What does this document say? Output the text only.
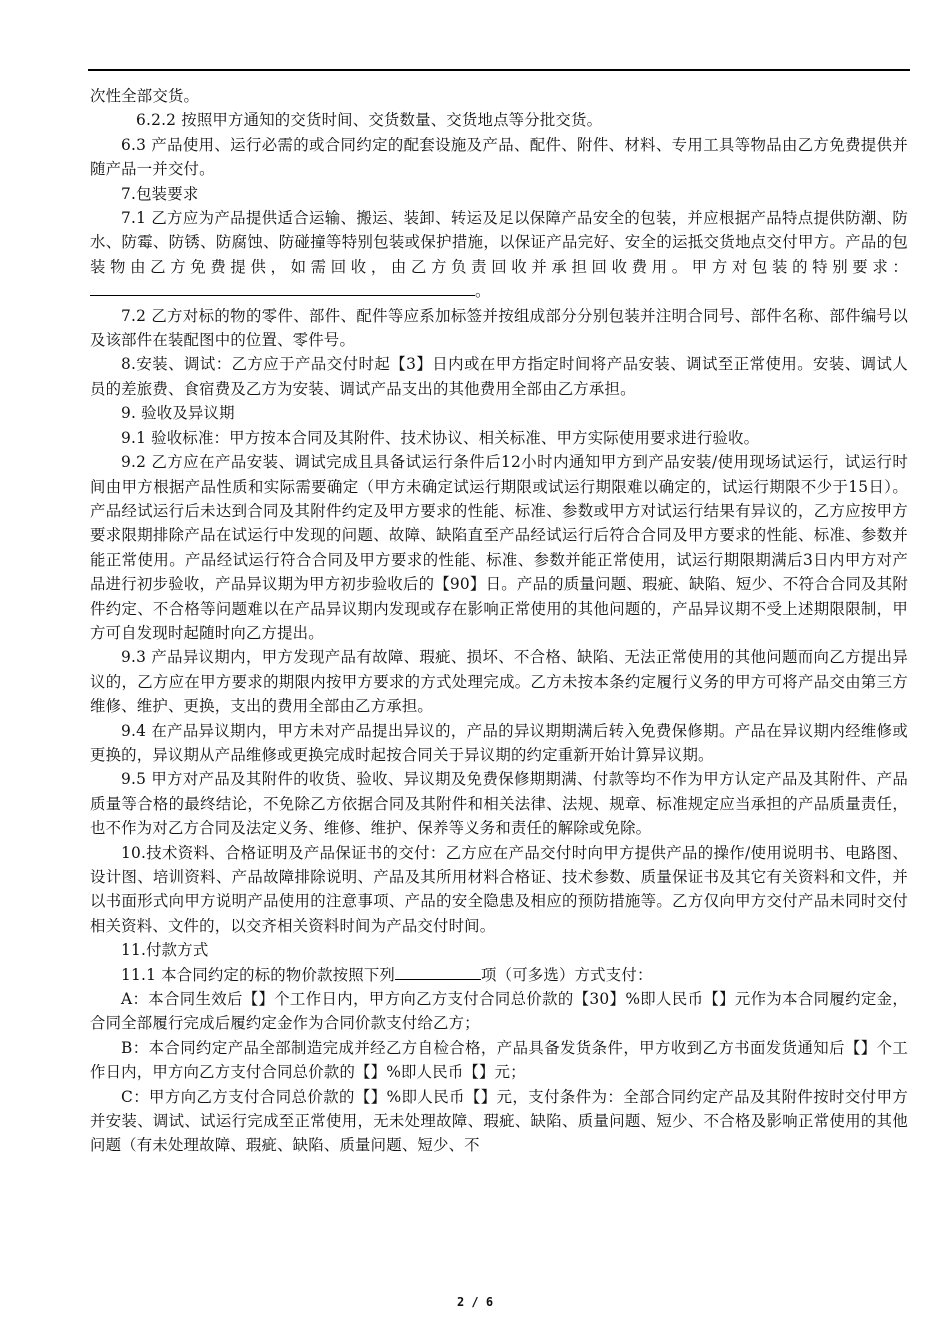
次性全部交货。

6.2.2 按照甲方通知的交货时间、交货数量、交货地点等分批交货。

6.3 产品使用、运行必需的或合同约定的配套设施及产品、配件、附件、材料、专用工具等物品由乙方免费提供并随产品一并交付。

7.包装要求

7.1 乙方应为产品提供适合运输、搬运、装卸、转运及足以保障产品安全的包装，并应根据产品特点提供防潮、防水、防霉、防锈、防腐蚀、防碰撞等特别包装或保护措施，以保证产品完好、安全的运抵交货地点交付甲方。产品的包装物由乙方免费提供，如需回收，由乙方负责回收并承担回收费用。甲方对包装的特别要求：。

7.2 乙方对标的物的零件、部件、配件等应系加标签并按组成部分分别包装并注明合同号、部件名称、部件编号以及该部件在装配图中的位置、零件号。

8.安装、调试：乙方应于产品交付时起【3】日内或在甲方指定时间将产品安装、调试至正常使用。安装、调试人员的差旅费、食宿费及乙方为安装、调试产品支出的其他费用全部由乙方承担。

9. 验收及异议期

9.1 验收标准：甲方按本合同及其附件、技术协议、相关标准、甲方实际使用要求进行验收。

9.2 乙方应在产品安装、调试完成且具备试运行条件后12小时内通知甲方到产品安装/使用现场试运行，试运行时间由甲方根据产品性质和实际需要确定（甲方未确定试运行期限或试运行期限难以确定的，试运行期限不少于15日）。产品经试运行后未达到合同及其附件约定及甲方要求的性能、标准、参数或甲方对试运行结果有异议的，乙方应按甲方要求限期排除产品在试运行中发现的问题、故障、缺陷直至产品经试运行后符合合同及甲方要求的性能、标准、参数并能正常使用。产品经试运行符合合同及甲方要求的性能、标准、参数并能正常使用，试运行期限期满后3日内甲方对产品进行初步验收，产品异议期为甲方初步验收后的【90】日。产品的质量问题、瑕疵、缺陷、短少、不符合合同及其附件约定、不合格等问题难以在产品异议期内发现或存在影响正常使用的其他问题的，产品异议期不受上述期限限制，甲方可自发现时起随时向乙方提出。

9.3 产品异议期内，甲方发现产品有故障、瑕疵、损坏、不合格、缺陷、无法正常使用的其他问题而向乙方提出异议的，乙方应在甲方要求的期限内按甲方要求的方式处理完成。乙方未按本条约定履行义务的甲方可将产品交由第三方维修、维护、更换，支出的费用全部由乙方承担。

9.4 在产品异议期内，甲方未对产品提出异议的，产品的异议期期满后转入免费保修期。产品在异议期内经维修或更换的，异议期从产品维修或更换完成时起按合同关于异议期的约定重新开始计算异议期。

9.5 甲方对产品及其附件的收货、验收、异议期及免费保修期期满、付款等均不作为甲方认定产品及其附件、产品质量等合格的最终结论，不免除乙方依据合同及其附件和相关法律、法规、规章、标准规定应当承担的产品质量责任，也不作为对乙方合同及法定义务、维修、维护、保养等义务和责任的解除或免除。

10.技术资料、合格证明及产品保证书的交付：乙方应在产品交付时向甲方提供产品的操作/使用说明书、电路图、设计图、培训资料、产品故障排除说明、产品及其所用材料合格证、技术参数、质量保证书及其它有关资料和文件，并以书面形式向甲方说明产品使用的注意事项、产品的安全隐患及相应的预防措施等。乙方仅向甲方交付产品未同时交付相关资料、文件的，以交齐相关资料时间为产品交付时间。

11.付款方式

11.1 本合同约定的标的物价款按照下列	项（可多选）方式支付：

A：本合同生效后【】个工作日内，甲方向乙方支付合同总价款的【30】%即人民币【】元作为本合同履约定金，合同全部履行完成后履约定金作为合同价款支付给乙方；

B：本合同约定产品全部制造完成并经乙方自检合格，产品具备发货条件，甲方收到乙方书面发货通知后【】个工作日内，甲方向乙方支付合同总价款的【】%即人民币【】元；

C：甲方向乙方支付合同总价款的【】%即人民币【】元，支付条件为：全部合同约定产品及其附件按时交付甲方并安装、调试、试运行完成至正常使用，无未处理故障、瑕疵、缺陷、质量问题、短少、不合格及影响正常使用的其他问题（有未处理故障、瑕疵、缺陷、质量问题、短少、不

2 / 6
